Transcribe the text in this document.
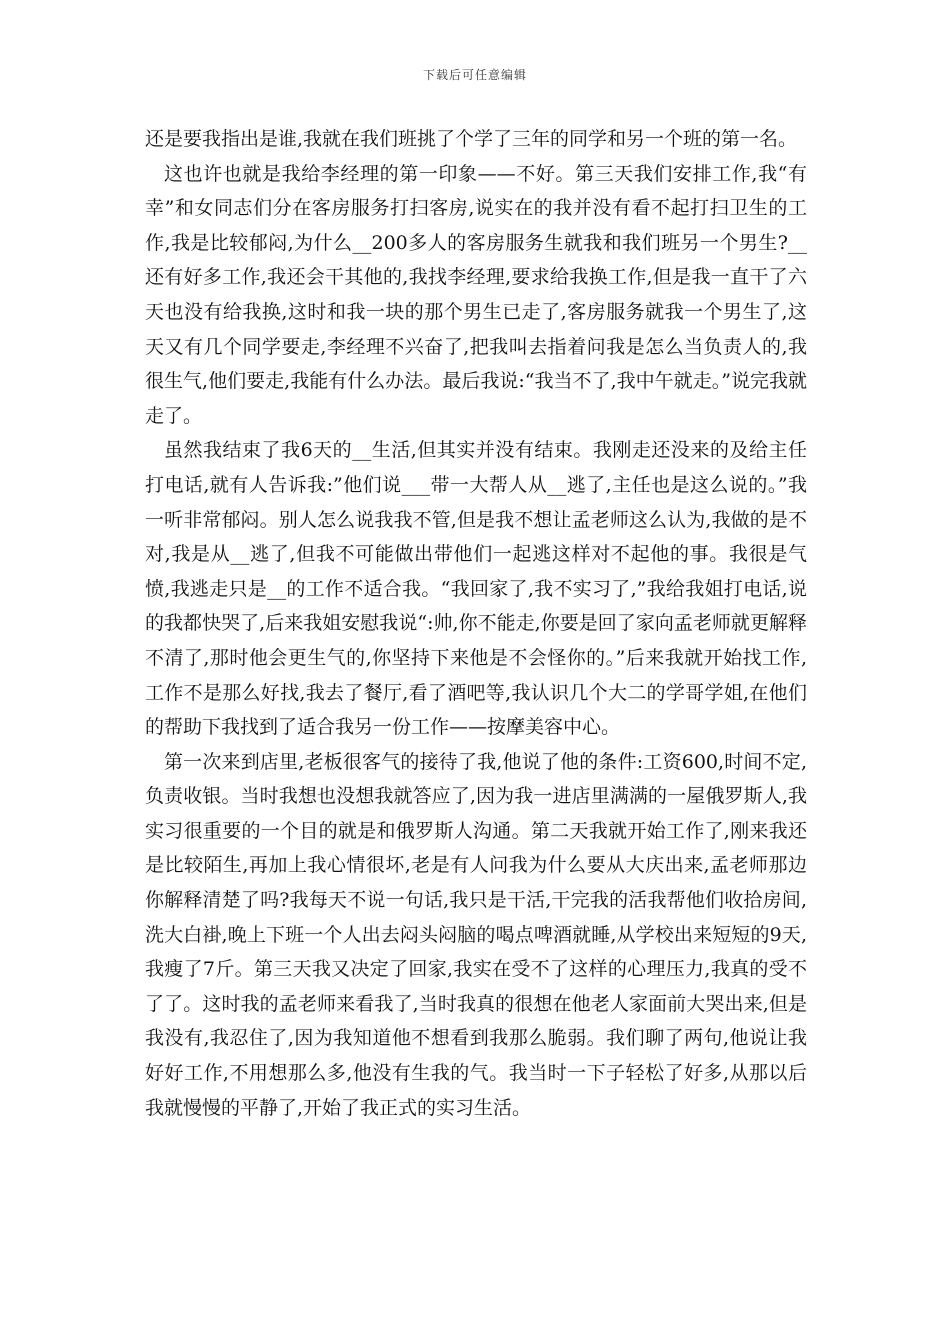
下载后可任意编辑

还是要我指出是谁,我就在我们班挑了个学了三年的同学和另一个班的第一名。

这也许也就是我给李经理的第一印象——不好。第三天我们安排工作,我“有幸”和女同志们分在客房服务打扫客房,说实在的我并没有看不起打扫卫生的工作,我是比较郁闷,为什么__200多人的客房服务生就我和我们班另一个男生?__还有好多工作,我还会干其他的,我找李经理,要求给我换工作,但是我一直干了六天也没有给我换,这时和我一块的那个男生已走了,客房服务就我一个男生了,这天又有几个同学要走,李经理不兴奋了,把我叫去指着问我是怎么当负责人的,我很生气,他们要走,我能有什么办法。最后我说:“我当不了,我中午就走。”说完我就走了。

虽然我结束了我6天的__生活,但其实并没有结束。我刚走还没来的及给主任打电话,就有人告诉我:”他们说___带一大帮人从__逃了,主任也是这么说的。”我一听非常郁闷。别人怎么说我我不管,但是我不想让孟老师这么认为,我做的是不对,我是从__逃了,但我不可能做出带他们一起逃这样对不起他的事。我很是气愤,我逃走只是__的工作不适合我。“我回家了,我不实习了,”我给我姐打电话,说的我都快哭了,后来我姐安慰我说“:帅,你不能走,你要是回了家向孟老师就更解释不清了,那时他会更生气的,你坚持下来他是不会怪你的。”后来我就开始找工作,工作不是那么好找,我去了餐厅,看了酒吧等,我认识几个大二的学哥学姐,在他们的帮助下我找到了适合我另一份工作——按摩美容中心。

第一次来到店里,老板很客气的接待了我,他说了他的条件:工资600,时间不定,负责收银。当时我想也没想我就答应了,因为我一进店里满满的一屋俄罗斯人,我实习很重要的一个目的就是和俄罗斯人沟通。第二天我就开始工作了,刚来我还是比较陌生,再加上我心情很坏,老是有人问我为什么要从大庆出来,孟老师那边你解释清楚了吗?我每天不说一句话,我只是干活,干完我的活我帮他们收拾房间,洗大白褂,晚上下班一个人出去闷头闷脑的喝点啤酒就睡,从学校出来短短的9天,我瘦了7斤。第三天我又决定了回家,我实在受不了这样的心理压力,我真的受不了了。这时我的孟老师来看我了,当时我真的很想在他老人家面前大哭出来,但是我没有,我忍住了,因为我知道他不想看到我那么脆弱。我们聊了两句,他说让我好好工作,不用想那么多,他没有生我的气。我当时一下子轻松了好多,从那以后我就慢慢的平静了,开始了我正式的实习生活。
